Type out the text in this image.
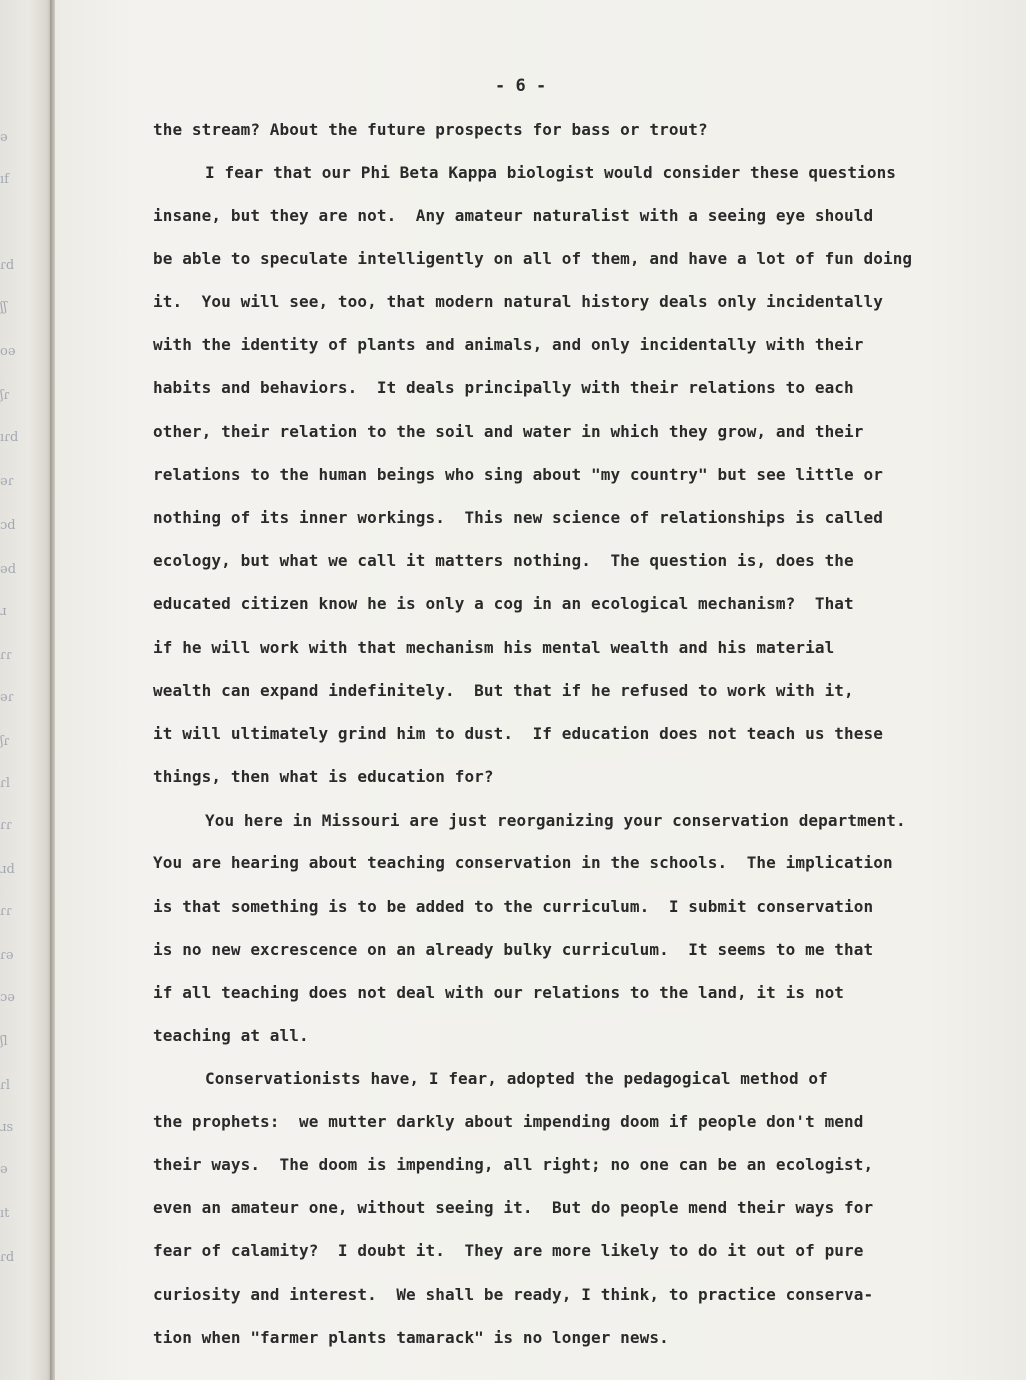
ə
ıf
ɾd
ʃʃ
oə
ʃɾ
ıɾd
əɾ
ɔd
əd
ɹ
ɾɾ
əɾ
ʃɾ
ɾl
ɾɾ
ɹd
ɾɾ
ɾə
ɔə
ʃl
ɾl
ɹs
ə
ıt
ɾd
- 6 -
the stream? About the future prospects for bass or trout?
I fear that our Phi Beta Kappa biologist would consider these questions
insane, but they are not.  Any amateur naturalist with a seeing eye should
be able to speculate intelligently on all of them, and have a lot of fun doing
it.  You will see, too, that modern natural history deals only incidentally
with the identity of plants and animals, and only incidentally with their
habits and behaviors.  It deals principally with their relations to each
other, their relation to the soil and water in which they grow, and their
relations to the human beings who sing about "my country" but see little or
nothing of its inner workings.  This new science of relationships is called
ecology, but what we call it matters nothing.  The question is, does the
educated citizen know he is only a cog in an ecological mechanism?  That
if he will work with that mechanism his mental wealth and his material
wealth can expand indefinitely.  But that if he refused to work with it,
it will ultimately grind him to dust.  If education does not teach us these
things, then what is education for?
You here in Missouri are just reorganizing your conservation department.
You are hearing about teaching conservation in the schools.  The implication
is that something is to be added to the curriculum.  I submit conservation
is no new excrescence on an already bulky curriculum.  It seems to me that
if all teaching does not deal with our relations to the land, it is not
teaching at all.
Conservationists have, I fear, adopted the pedagogical method of
the prophets:  we mutter darkly about impending doom if people don't mend
their ways.  The doom is impending, all right; no one can be an ecologist,
even an amateur one, without seeing it.  But do people mend their ways for
fear of calamity?  I doubt it.  They are more likely to do it out of pure
curiosity and interest.  We shall be ready, I think, to practice conserva-
tion when "farmer plants tamarack" is no longer news.
